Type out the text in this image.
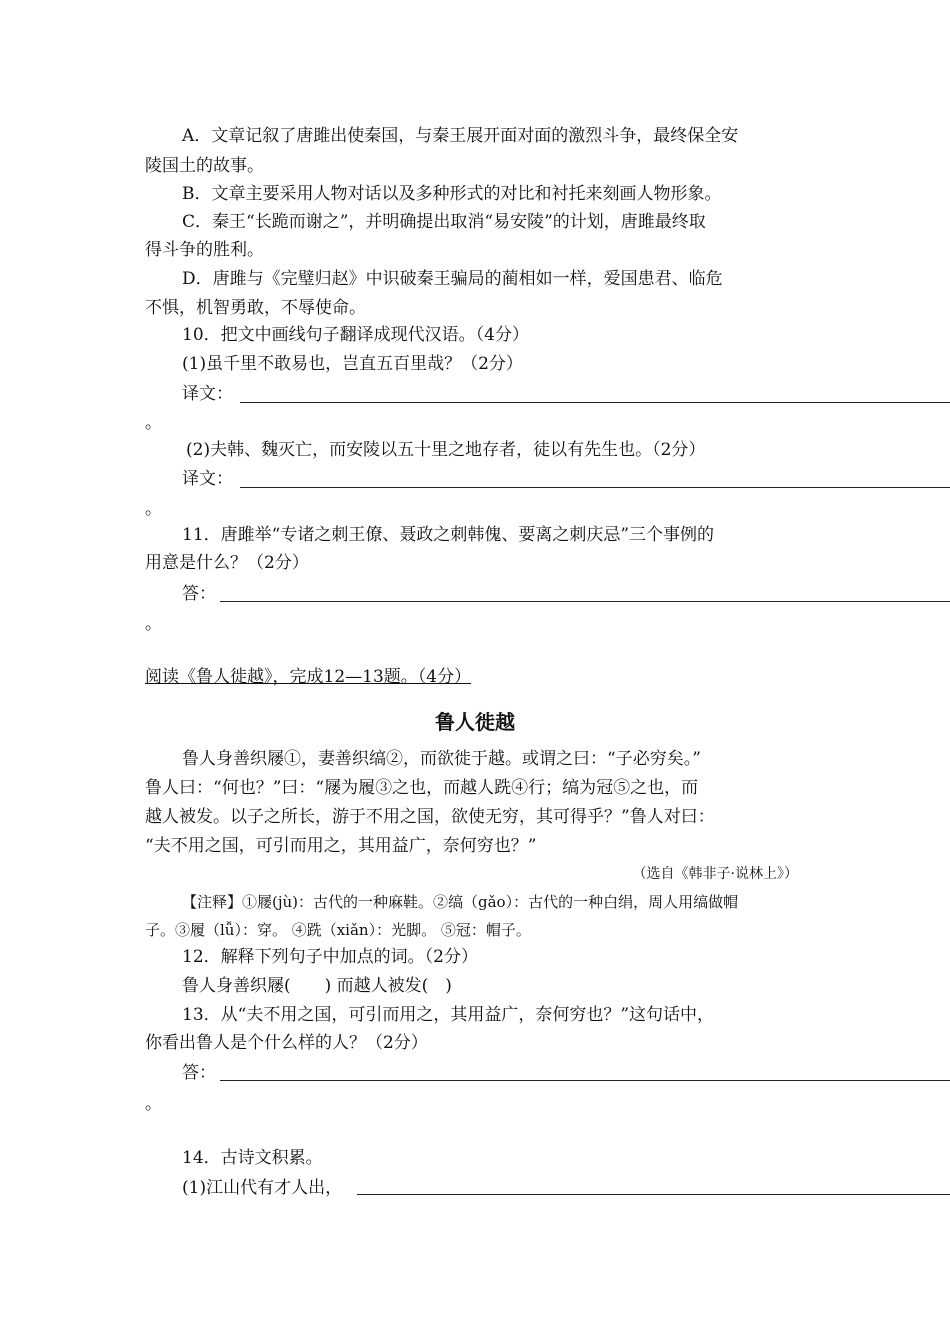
A．文章记叙了唐雎出使秦国，与秦王展开面对面的激烈斗争，最终保全安
陵国土的故事。
B．文章主要采用人物对话以及多种形式的对比和衬托来刻画人物形象。
C．秦王“长跪而谢之”，并明确提出取消“易安陵”的计划，唐雎最终取
得斗争的胜利。
D．唐雎与《完璧归赵》中识破秦王骗局的蔺相如一样，爱国患君、临危
不惧，机智勇敢，不辱使命。
10．把文中画线句子翻译成现代汉语。（4分）
(1)虽千里不敢易也，岂直五百里哉？（2分）
译文：
。
(2)夫韩、魏灭亡，而安陵以五十里之地存者，徒以有先生也。（2分）
译文：
。
11．唐雎举“专诸之刺王僚、聂政之刺韩傀、要离之刺庆忌”三个事例的
用意是什么？（2分）
答：
。
阅读《鲁人徙越》，完成12—13题。（4分）
鲁人徙越
鲁人身善织屦①，妻善织缟②，而欲徙于越。或谓之曰：“子必穷矣。”
鲁人曰：“何也？”曰：“屦为履③之也，而越人跣④行；缟为冠⑤之也，而
越人被发。以子之所长，游于不用之国，欲使无穷，其可得乎？”鲁人对曰：
“夫不用之国，可引而用之，其用益广，奈何穷也？”
（选自《韩非子·说林上》）
【注释】①屦(jù)：古代的一种麻鞋。②缟（gǎo）：古代的一种白绢，周人用缟做帽
子。③履（lǚ）：穿。 ④跣（xiǎn）：光脚。 ⑤冠：帽子。
12．解释下列句子中加点的词。（2分）
鲁人身善织屦(　　) 而越人被发(　)
13．从“夫不用之国，可引而用之，其用益广，奈何穷也？”这句话中，
你看出鲁人是个什么样的人？（2分）
答：
。
14．古诗文积累。
(1)江山代有才人出，
